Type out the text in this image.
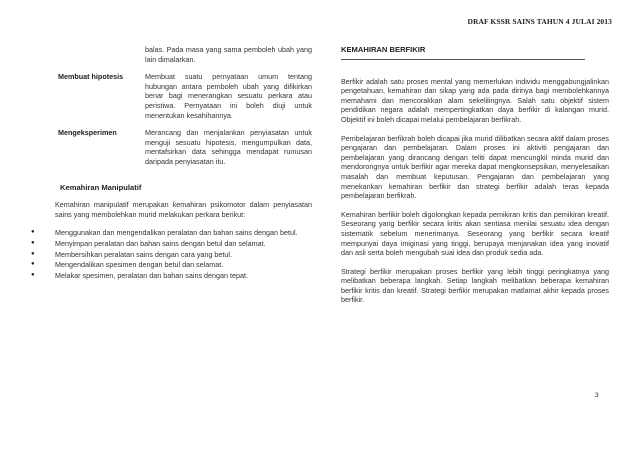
DRAF KSSR SAINS TAHUN 4 JULAI 2013
balas. Pada masa yang sama pemboleh ubah yang lain dimalarkan.
Membuat hipotesis	Membuat suatu pernyataan umum tentang hubungan antara pemboleh ubah yang difikirkan benar bagi menerangkan sesuatu perkara atau peristiwa. Pernyataan ini boleh diuji untuk menentukan kesahihannya.
Mengeksperimen	Merancang dan menjalankan penyiasatan untuk menguji sesuatu hipotesis, mengumpulkan data, mentafsirkan data sehingga mendapat rumusan daripada penyiasatan itu.
Kemahiran Manipulatif

Kemahiran manipulatif merupakan kemahiran psikomotor dalam penyiasatan sains yang membolehkan murid melakukan perkara berikut:

● Menggunakan dan mengendalikan peralatan dan bahan sains dengan betul.
● Menyimpan peralatan dan bahan sains dengan betul dan selamat.
● Membersihkan peralatan sains dengan cara yang betul.
● Mengendalikan spesimen dengan betul dan selamat.
● Melakar spesimen, peralatan dan bahan sains dengan tepat.
KEMAHIRAN BERFIKIR

Berfikir adalah satu proses mental yang memerlukan individu menggabungjalinkan pengetahuan, kemahiran dan sikap yang ada pada dirinya bagi membolehkannya memahami dan mencorakkan alam sekelilingnya. Salah satu objektif sistem pendidikan negara adalah mempertingkatkan daya berfikir di kalangan murid. Objektif ini boleh dicapai melalui pembelajaran berfikrah.

Pembelajaran berfikrah boleh dicapai jika murid dilibatkan secara aktif dalam proses pengajaran dan pembelajaran. Dalam proses ini aktiviti pengajaran dan pembelajaran yang dirancang dengan teliti dapat mencungkil minda murid dan mendorongnya untuk berfikir agar mereka dapat mengkonsepsikan, menyelesaikan masalah dan membuat keputusan. Pengajaran dan pembelajaran yang menekankan kemahiran berfikir dan strategi berfikir adalah teras kepada pembelajaran berfikrah.

Kemahiran berfikir boleh digolongkan kepada pemikiran kritis dan pemikiran kreatif. Seseorang yang berfikir secara kritis akan sentiasa menilai sesuatu idea dengan sistematik sebelum menerimanya. Seseorang yang berfikir secara kreatif mempunyai daya imiginasi yang tinggi, berupaya menjanakan idea yang inovatif dan asli serta boleh mengubah suai idea dan produk sedia ada.

Strategi berfikir merupakan proses berfikir yang lebih tinggi peringkatnya yang melibatkan beberapa langkah. Setiap langkah melibatkan beberapa kemahiran berfikir kritis dan kreatif. Strategi berfikir merupakan matlamat akhir kepada proses berfikir.

3
